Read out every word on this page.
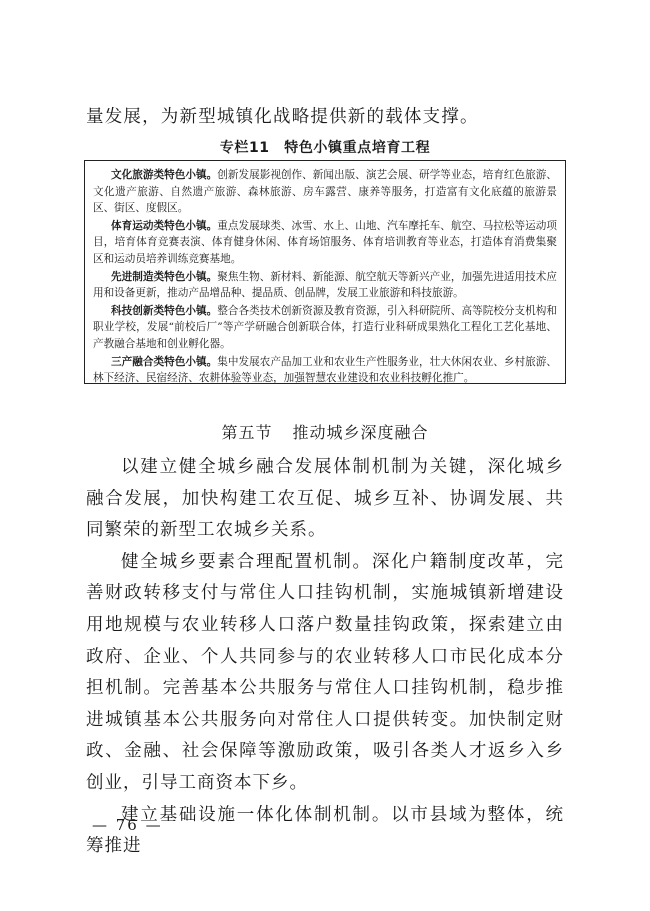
量发展，为新型城镇化战略提供新的载体支撑。
专栏11　特色小镇重点培育工程

文化旅游类特色小镇。创新发展影视创作、新闻出版、演艺会展、研学等业态，培育红色旅游、文化遗产旅游、自然遗产旅游、森林旅游、房车露营、康养等服务，打造富有文化底蕴的旅游景区、街区、度假区。

体育运动类特色小镇。重点发展球类、冰雪、水上、山地、汽车摩托车、航空、马拉松等运动项目，培育体育竞赛表演、体育健身休闲、体育场馆服务、体育培训教育等业态，打造体育消费集聚区和运动员培养训练竞赛基地。

先进制造类特色小镇。聚焦生物、新材料、新能源、航空航天等新兴产业，加强先进适用技术应用和设备更新，推动产品增品种、提品质、创品牌，发展工业旅游和科技旅游。

科技创新类特色小镇。整合各类技术创新资源及教育资源，引入科研院所、高等院校分支机构和职业学校，发展“前校后厂”等产学研融合创新联合体，打造行业科研成果熟化工程化工艺化基地、产教融合基地和创业孵化器。

三产融合类特色小镇。集中发展农产品加工业和农业生产性服务业，壮大休闲农业、乡村旅游、林下经济、民宿经济、农耕体验等业态，加强智慧农业建设和农业科技孵化推广。

第五节 推动城乡深度融合

以建立健全城乡融合发展体制机制为关键，深化城乡融合发展，加快构建工农互促、城乡互补、协调发展、共同繁荣的新型工农城乡关系。

健全城乡要素合理配置机制。深化户籍制度改革，完善财政转移支付与常住人口挂钩机制，实施城镇新增建设用地规模与农业转移人口落户数量挂钩政策，探索建立由政府、企业、个人共同参与的农业转移人口市民化成本分担机制。完善基本公共服务与常住人口挂钩机制，稳步推进城镇基本公共服务向对常住人口提供转变。加快制定财政、金融、社会保障等激励政策，吸引各类人才返乡入乡创业，引导工商资本下乡。

建立基础设施一体化体制机制。以市县域为整体，统筹推进

— 76 —
